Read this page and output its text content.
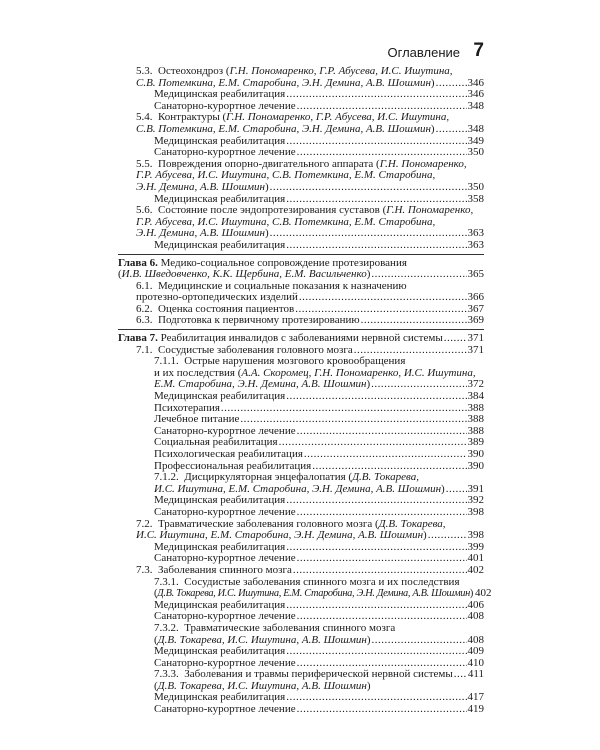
Оглавление 7
5.3.  Остеохондроз (Г.Н. Пономаренко, Г.Р. Абусева, И.С. Ишутина,
С.В. Потемкина, Е.М. Старобина, Э.Н. Демина, А.В. Шошмин) .....	346
Медицинская реабилитация .....	346
Санаторно-курортное лечение .....	348
5.4.  Контрактуры (Г.Н. Пономаренко, Г.Р. Абусева, И.С. Ишутина,
С.В. Потемкина, Е.М. Старобина, Э.Н. Демина, А.В. Шошмин) .....	348
Медицинская реабилитация .....	349
Санаторно-курортное лечение .....	350
5.5.  Повреждения опорно-двигательного аппарата (Г.Н. Пономаренко,
Г.Р. Абусева, И.С. Ишутина, С.В. Потемкина, Е.М. Старобина,
Э.Н. Демина, А.В. Шошмин) .....	350
Медицинская реабилитация .....	358
5.6.  Состояние после эндопротезирования суставов (Г.Н. Пономаренко,
Г.Р. Абусева, И.С. Ишутина, С.В. Потемкина, Е.М. Старобина,
Э.Н. Демина, А.В. Шошмин) .....	363
Медицинская реабилитация .....	363
Глава 6. Медико-социальное сопровождение протезирования
(И.В. Шведовченко, К.К. Щербина, Е.М. Васильченко) .....	365
6.1.  Медицинские и социальные показания к назначению
протезно-ортопедических изделий .....	366
6.2.  Оценка состояния пациентов .....	367
6.3.  Подготовка к первичному протезированию .....	369
Глава 7. Реабилитация инвалидов с заболеваниями нервной системы ..... 371
7.1.  Сосудистые заболевания головного мозга .....	371
7.1.1.  Острые нарушения мозгового кровообращения
и их последствия (А.А. Скоромец, Г.Н. Пономаренко, И.С. Ишутина,
Е.М. Старобина, Э.Н. Демина, А.В. Шошмин) .....	372
Медицинская реабилитация .....	384
Психотерапия .....	388
Лечебное питание .....	388
Санаторно-курортное лечение .....	388
Социальная реабилитация .....	389
Психологическая реабилитация .....	390
Профессиональная реабилитация .....	390
7.1.2.  Дисциркуляторная энцефалопатия (Д.В. Токарева,
И.С. Ишутина, Е.М. Старобина, Э.Н. Демина, А.В. Шошмин) ..... 391
Медицинская реабилитация .....	392
Санаторно-курортное лечение .....	398
7.2.  Травматические заболевания головного мозга (Д.В. Токарева,
И.С. Ишутина, Е.М. Старобина, Э.Н. Демина, А.В. Шошмин) .....	398
Медицинская реабилитация .....	399
Санаторно-курортное лечение .....	401
7.3.  Заболевания спинного мозга .....	402
7.3.1.  Сосудистые заболевания спинного мозга и их последствия
(Д.В. Токарева, И.С. Ишутина, Е.М. Старобина, Э.Н. Демина, А.В. Шошмин) 402
Медицинская реабилитация .....	406
Санаторно-курортное лечение .....	408
7.3.2.  Травматические заболевания спинного мозга
(Д.В. Токарева, И.С. Ишутина, А.В. Шошмин) .....	408
Медицинская реабилитация .....	409
Санаторно-курортное лечение .....	410
7.3.3.  Заболевания и травмы периферической нервной системы ..... 411
(Д.В. Токарева, И.С. Ишутина, А.В. Шошмин)
Медицинская реабилитация .....	417
Санаторно-курортное лечение .....	419
